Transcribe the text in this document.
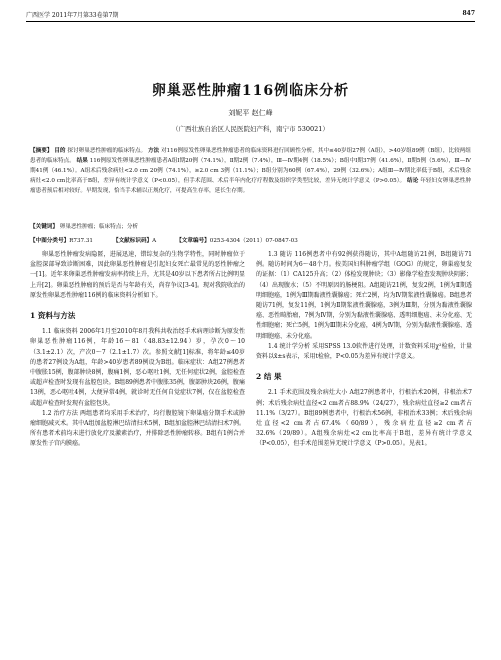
广西医学 2011年7月第33卷第7期	847
卵巢恶性肿瘤116例临床分析
刘妮平 赵仁峰
（广西壮族自治区人民医院妇产科，南宁市 530021）
【摘要】 目的 探讨卵巢恶性肿瘤的临床特点。 方法 对116例原发性卵巢恶性肿瘤患者的临床资料进行回顾性分析，其中≤40岁组27例（A组），>40岁组89例（B组），比较两组患者的临床特点。 结果 116例原发性卵巢恶性肿瘤患者A组Ⅰ期20例（74.1%），Ⅱ期2例（7.4%），Ⅲ—Ⅳ期4例（18.5%）；B组中Ⅰ期37例（41.6%），Ⅱ期5例（5.6%），Ⅲ—Ⅳ期41例（46.1%）。A组术后残余病灶<2.0 cm 20例（74.1%），≥2.0 cm 3例（11.1%）；B组分别为60例（67.4%），29例（32.6%）；A组Ⅲ—Ⅳ期比率低于B组，术后残余病灶<2.0 cm比率高于B组，差异有统计学意义（P<0.05），但手术范围、术后半年内化疗疗程数及组织学类型比较，差异无统计学意义（P>0.05）。 结论 年轻妇女卵巢恶性肿瘤患者预后相对较好。早期发现，恰当手术辅以正规化疗，可提高生存率，延长生存期。
【关键词】 卵巢恶性肿瘤；临床特点；分析
【中图分类号】R737.31	【文献标识码】A	【文章编号】0253-4304（2011）07-0847-03

卵巢恶性肿瘤发病隐匿，进展迅速，错综复杂的生物学特性，同时肿瘤位于盆腔深部导致诊断困难，因此卵巢恶性肿瘤是引起妇女死亡最常见的恶性肿瘤之一[1]。近年来卵巢恶性肿瘤发病率持续上升，尤其是40岁以下患者所占比例明显上升[2]。卵巢恶性肿瘤的预后是否与年龄有关，尚存争议[3-4]。现对我院收治的原发性卵巢恶性肿瘤116例的临床资料分析如下。

1 资料与方法

1.1 临床资料 2006年1月至2010年8月我科共收治经手术病理诊断为原发性卵巢恶性肿瘤116例，年龄16～81（48.83±12.94）岁，孕次0～10（3.1±2.1）次，产次0～7（2.1±1.7）次。参照文献[1]标准，将年龄≤40岁的患者27例设为A组，年龄>40岁患者89例设为B组。临床症状：A组27例患者中腹胀15例，腹部肿块8例，腹痛1例，恶心呕吐1例，无任何症状2例，盆腔检查或超声检查时发现有盆腔包块。B组89例患者中腹胀35例，腹部肿块26例，腹痛13例，恶心呕吐4例，大便异常4例，就诊时无任何自觉症状7例，仅在盆腔检查或超声检查时发现有盆腔包块。

1.2 治疗方法 两组患者均采用手术治疗，均行腹腔镜下卵巢癌分期手术或肿瘤细胞减灭术。其中A组加盆腔淋巴结清扫术5例，B组加盆腔淋巴结清扫术7例。所有患者术前均未进行放化疗及激素治疗，并排除恶性肿瘤转移。B组有1例合并原发性子宫内膜癌。

1.3 随访 116例患者中有92例获得随访，其中A组随访21例，B组随访71例。随访时间为6～48个月。按美国妇科肿瘤学组（GOG）的规定，卵巢癌复发的证据：（1）CA125升高；（2）体检发现肿块；（3）影像学检查发现肿块阴影；（4）出现腹水；（5）不明原因的肠梗阻。A组随访21例，复发2例，1例为Ⅱ期透明细胞癌，1例为Ⅲ期黏液性囊腺癌；死亡2例，均为Ⅳ期浆液性囊腺癌。B组患者随访71例，复发11例，1例为Ⅱ期浆液性囊腺癌，3例为Ⅲ期，分别为黏液性囊腺癌、恶性畸胎瘤，7例为Ⅳ期，分别为黏液性囊腺癌、透明细胞癌、未分化癌、无性细胞瘤；死亡5例，1例为Ⅲ期未分化癌，4例为Ⅳ期，分别为黏液性囊腺癌、透明细胞癌、未分化癌。

1.4 统计学分析 采用SPSS 13.0软件进行处理，计数资料采用χ²检验，计量资料以x̄±s表示，采用t检验，P<0.05为差异有统计学意义。

2 结 果

2.1 手术范围及残余病灶大小 A组27例患者中，行根治术20例，非根治术7例；术后残余病灶直径<2 cm者占88.9%（24/27），残余病灶直径≥2 cm者占11.1%（3/27）。B组89例患者中，行根治术56例，非根治术33例；术后残余病灶直径<2 cm者占67.4%（60/89），残余病灶直径≥2 cm者占32.6%（29/89）。A组残余病灶<2 cm比率高于B组，差异有统计学意义（P<0.05），但手术范围差异无统计学意义（P>0.05）。见表1。
